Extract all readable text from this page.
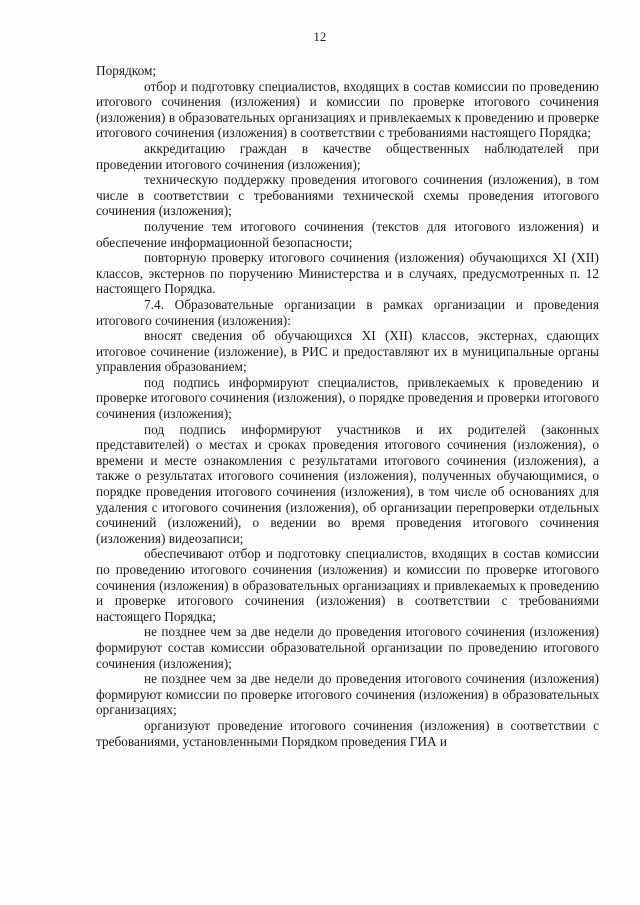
12

Порядком;

отбор и подготовку специалистов, входящих в состав комиссии по проведению итогового сочинения (изложения) и комиссии по проверке итогового сочинения (изложения) в образовательных организациях и привлекаемых к проведению и проверке итогового сочинения (изложения) в соответствии с требованиями настоящего Порядка;

аккредитацию граждан в качестве общественных наблюдателей при проведении итогового сочинения (изложения);

техническую поддержку проведения итогового сочинения (изложения), в том числе в соответствии с требованиями технической схемы проведения итогового сочинения (изложения);

получение тем итогового сочинения (текстов для итогового изложения) и обеспечение информационной безопасности;

повторную проверку итогового сочинения (изложения) обучающихся XI (XII) классов, экстернов по поручению Министерства и в случаях, предусмотренных п. 12 настоящего Порядка.

7.4. Образовательные организации в рамках организации и проведения итогового сочинения (изложения):

вносят сведения об обучающихся XI (XII) классов, экстернах, сдающих итоговое сочинение (изложение), в РИС и предоставляют их в муниципальные органы управления образованием;

под подпись информируют специалистов, привлекаемых к проведению и проверке итогового сочинения (изложения), о порядке проведения и проверки итогового сочинения (изложения);

под подпись информируют участников и их родителей (законных представителей) о местах и сроках проведения итогового сочинения (изложения), о времени и месте ознакомления с результатами итогового сочинения (изложения), а также о результатах итогового сочинения (изложения), полученных обучающимися, о порядке проведения итогового сочинения (изложения), в том числе об основаниях для удаления с итогового сочинения (изложения), об организации перепроверки отдельных сочинений (изложений), о ведении во время проведения итогового сочинения (изложения) видеозаписи;

обеспечивают отбор и подготовку специалистов, входящих в состав комиссии по проведению итогового сочинения (изложения) и комиссии по проверке итогового сочинения (изложения) в образовательных организациях и привлекаемых к проведению и проверке итогового сочинения (изложения) в соответствии с требованиями настоящего Порядка;

не позднее чем за две недели до проведения итогового сочинения (изложения) формируют состав комиссии образовательной организации по проведению итогового сочинения (изложения);

не позднее чем за две недели до проведения итогового сочинения (изложения) формируют комиссии по проверке итогового сочинения (изложения) в образовательных организациях;

организуют проведение итогового сочинения (изложения) в соответствии с требованиями, установленными Порядком проведения ГИА и
